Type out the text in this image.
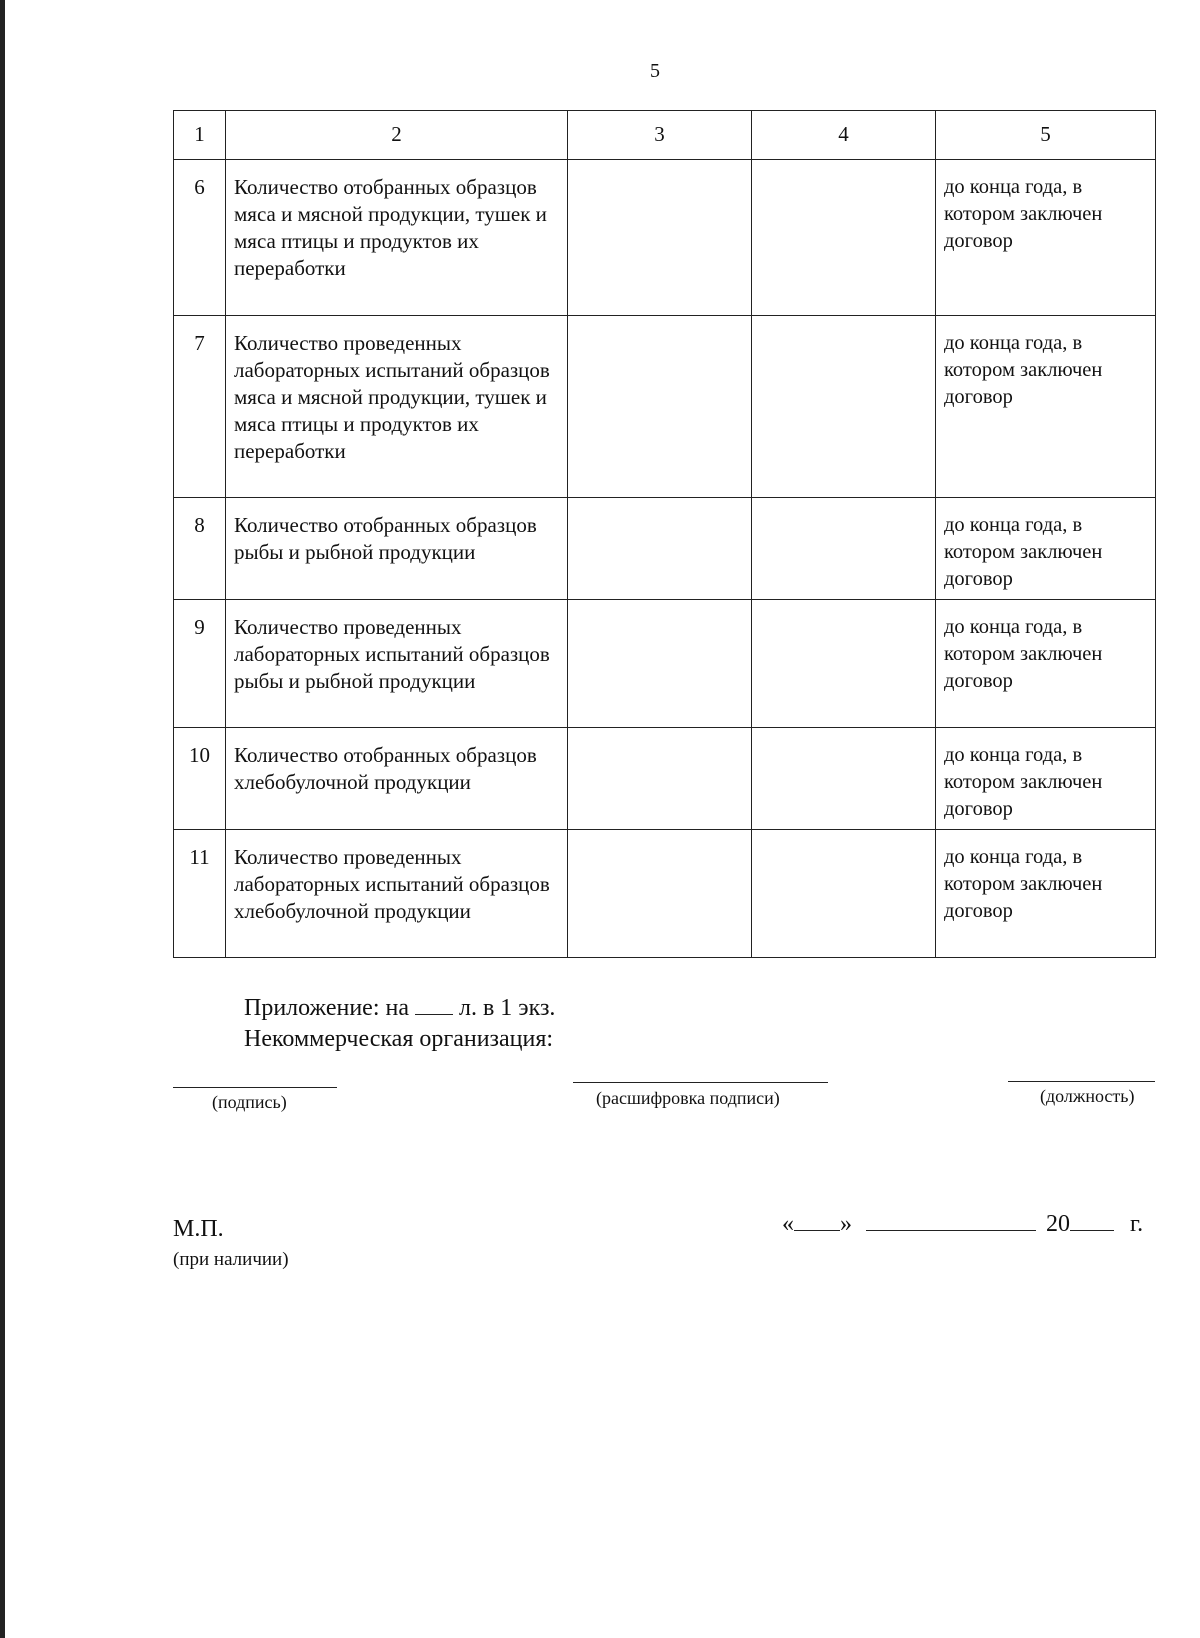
5
1	2	3	4	5
6	Количество отобранных образцов мяса и мясной продукции, тушек и мяса птицы и продуктов их переработки			до конца года, в котором заключен договор
7	Количество проведенных лабораторных испытаний образцов мяса и мясной продукции, тушек и мяса птицы и продуктов их переработки			до конца года, в котором заключен договор
8	Количество отобранных образцов рыбы и рыбной продукции			до конца года, в котором заключен договор
9	Количество проведенных лабораторных испытаний образцов рыбы и рыбной продукции			до конца года, в котором заключен договор
10	Количество отобранных образцов хлебобулочной продукции			до конца года, в котором заключен договор
11	Количество проведенных лабораторных испытаний образцов хлебобулочной продукции			до конца года, в котором заключен договор
Приложение: на л. в 1 экз.
Некоммерческая организация:
(подпись)	(расшифровка подписи)	(должность)
М.П.
(при наличии)
« »	20	г.
